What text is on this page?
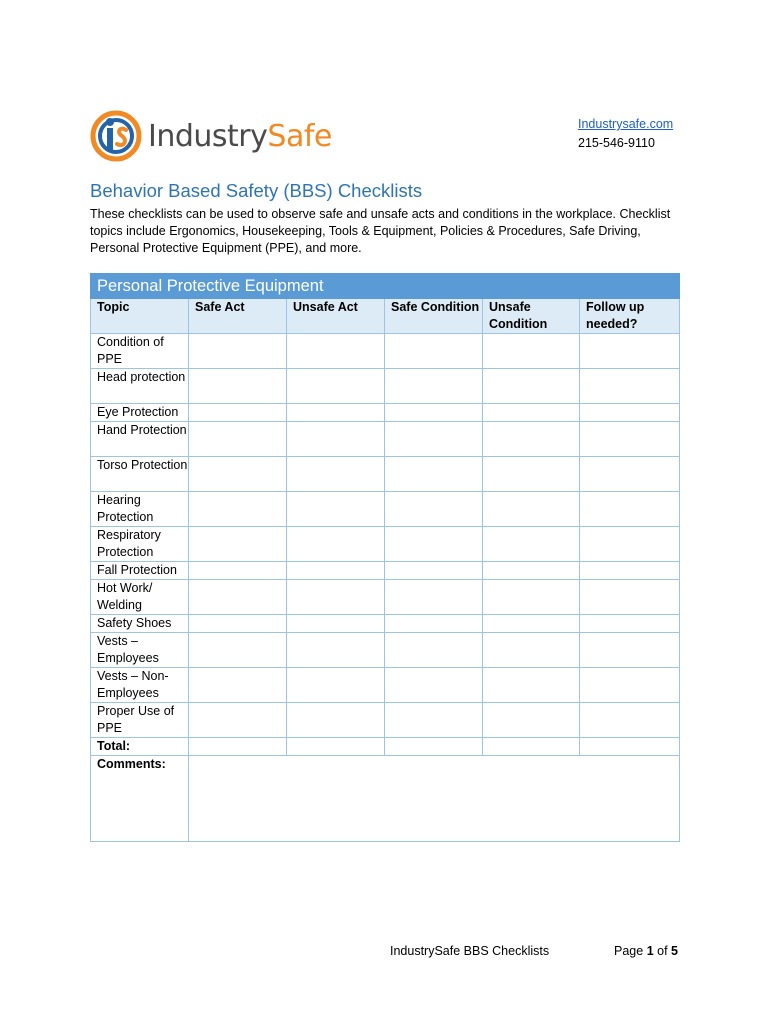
IndustrySafe	Industrysafe.com
215-546-9110
Behavior Based Safety (BBS) Checklists
These checklists can be used to observe safe and unsafe acts and conditions in the workplace. Checklist topics include Ergonomics, Housekeeping, Tools & Equipment, Policies & Procedures, Safe Driving, Personal Protective Equipment (PPE), and more.
Personal Protective Equipment					
Topic	Safe Act	Unsafe Act	Safe Condition	Unsafe Condition	Follow up needed?
Condition of PPE					
Head protection					
Eye Protection					
Hand Protection					
Torso Protection					
Hearing Protection					
Respiratory Protection					
Fall Protection					
Hot Work/ Welding					
Safety Shoes					
Vests – Employees					
Vests – Non-Employees					
Proper Use of PPE					
Total:					
Comments:					
IndustrySafe BBS Checklists	Page 1 of 5
